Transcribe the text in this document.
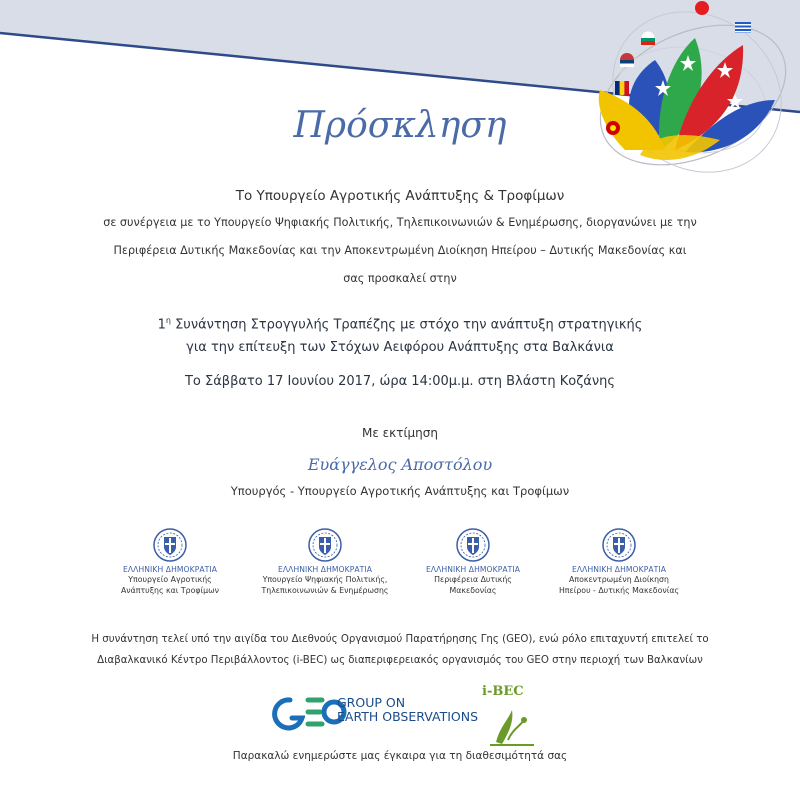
Πρόσκληση
Το Υπουργείο Αγροτικής Ανάπτυξης & Τροφίμων
σε συνέργεια με το Υπουργείο Ψηφιακής Πολιτικής, Τηλεπικοινωνιών & Ενημέρωσης, διοργανώνει με την
Περιφέρεια Δυτικής Μακεδονίας και την Αποκεντρωμένη Διοίκηση Ηπείρου – Δυτικής Μακεδονίας και
σας προσκαλεί στην
$1^\eta$ Συνάντηση Στρογγυλής Τραπέζης με στόχο την ανάπτυξη στρατηγικής
για την επίτευξη των Στόχων Αειφόρου Ανάπτυξης στα Βαλκάνια
Το Σάββατο 17 Ιουνίου 2017, ώρα 14:00μ.μ. στη Βλάστη Κοζάνης
Με εκτίμηση
Ευάγγελος Αποστόλου
Υπουργός - Υπουργείο Αγροτικής Ανάπτυξης και Τροφίμων
ΕΛΛΗΝΙΚΗ ΔΗΜΟΚΡΑΤΙΑ
Υπουργείο Αγροτικής
Ανάπτυξης και Τροφίμων
ΕΛΛΗΝΙΚΗ ΔΗΜΟΚΡΑΤΙΑ
Υπουργείο Ψηφιακής Πολιτικής,
Τηλεπικοινωνιών & Ενημέρωσης
ΕΛΛΗΝΙΚΗ ΔΗΜΟΚΡΑΤΙΑ
Περιφέρεια Δυτικής
Μακεδονίας
ΕΛΛΗΝΙΚΗ ΔΗΜΟΚΡΑΤΙΑ
Αποκεντρωμένη Διοίκηση
Ηπείρου - Δυτικής Μακεδονίας
Η συνάντηση τελεί υπό την αιγίδα του Διεθνούς Οργανισμού Παρατήρησης Γης (GEO), ενώ ρόλο επιταχυντή επιτελεί το
Διαβαλκανικό Κέντρο Περιβάλλοντος (i-BEC) ως διαπεριφερειακός οργανισμός του GEO στην περιοχή των Βαλκανίων
GROUP ON
EARTH OBSERVATIONS
i-BEC
Παρακαλώ ενημερώστε μας έγκαιρα για τη διαθεσιμότητά σας
